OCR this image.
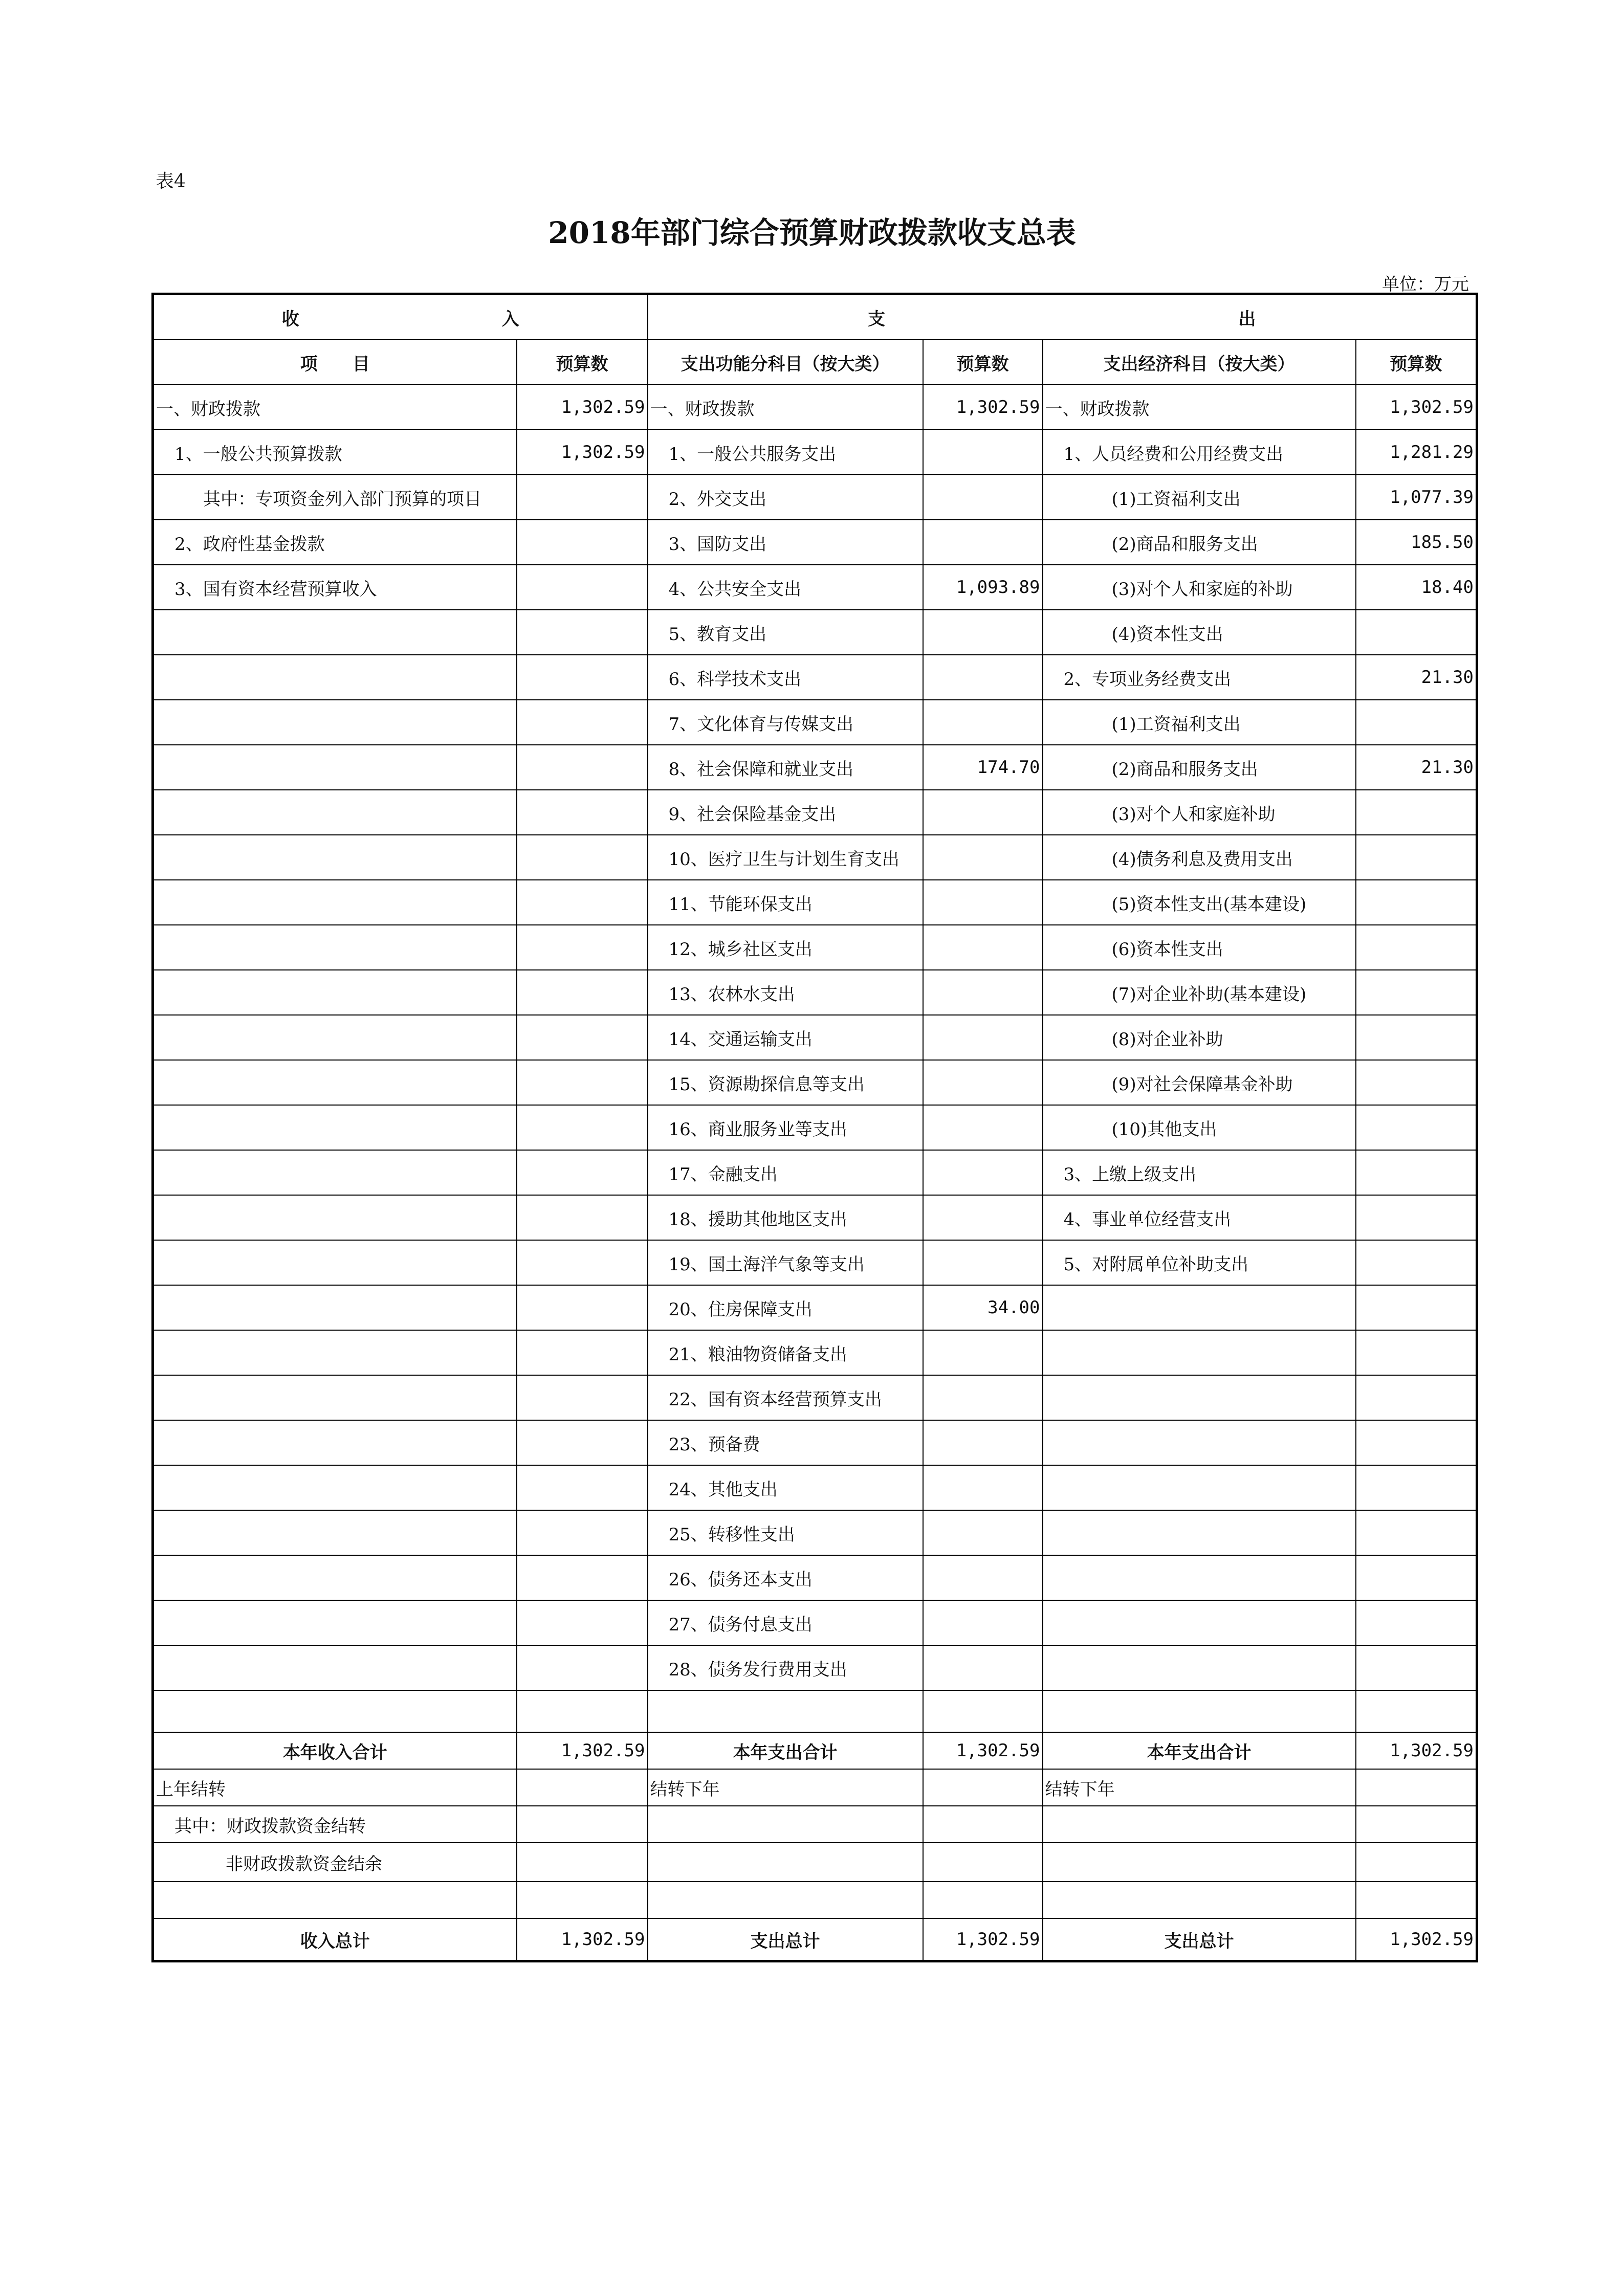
表4
2018年部门综合预算财政拨款收支总表
单位：万元
收 入		支 出			
项　　目	预算数	支出功能分科目（按大类）	预算数	支出经济科目（按大类）	预算数
一、财政拨款	1,302.59	一、财政拨款	1,302.59	一、财政拨款	1,302.59
1、一般公共预算拨款	1,302.59	1、一般公共服务支出		1、人员经费和公用经费支出	1,281.29
其中：专项资金列入部门预算的项目		2、外交支出		(1)工资福利支出	1,077.39
2、政府性基金拨款		3、国防支出		(2)商品和服务支出	185.50
3、国有资本经营预算收入		4、公共安全支出	1,093.89	(3)对个人和家庭的补助	18.40
		5、教育支出		(4)资本性支出	
		6、科学技术支出		2、专项业务经费支出	21.30
		7、文化体育与传媒支出		(1)工资福利支出	
		8、社会保障和就业支出	174.70	(2)商品和服务支出	21.30
		9、社会保险基金支出		(3)对个人和家庭补助	
		10、医疗卫生与计划生育支出		(4)债务利息及费用支出	
		11、节能环保支出		(5)资本性支出(基本建设)	
		12、城乡社区支出		(6)资本性支出	
		13、农林水支出		(7)对企业补助(基本建设)	
		14、交通运输支出		(8)对企业补助	
		15、资源勘探信息等支出		(9)对社会保障基金补助	
		16、商业服务业等支出		(10)其他支出	
		17、金融支出		3、上缴上级支出	
		18、援助其他地区支出		4、事业单位经营支出	
		19、国土海洋气象等支出		5、对附属单位补助支出	
		20、住房保障支出	34.00		
		21、粮油物资储备支出			
		22、国有资本经营预算支出			
		23、预备费			
		24、其他支出			
		25、转移性支出			
		26、债务还本支出			
		27、债务付息支出			
		28、债务发行费用支出			

本年收入合计	1,302.59	本年支出合计	1,302.59	本年支出合计	1,302.59
上年结转		结转下年		结转下年	
其中：财政拨款资金结转					
非财政拨款资金结余					

收入总计	1,302.59	支出总计	1,302.59	支出总计	1,302.59
